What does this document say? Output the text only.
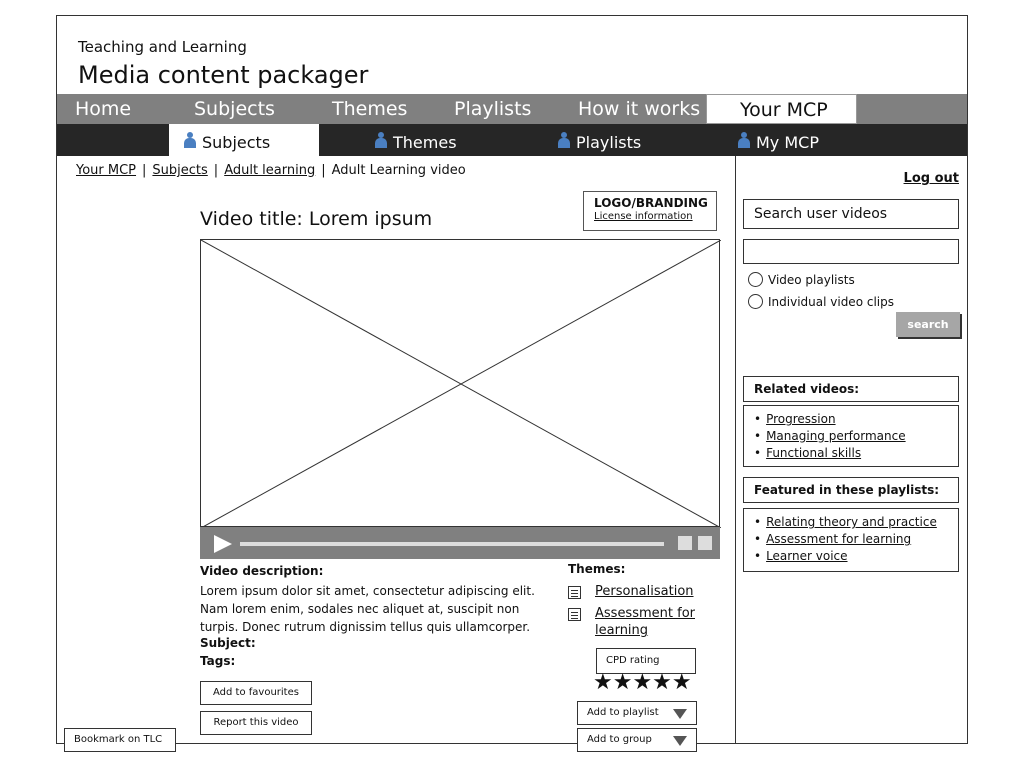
Teaching and Learning
Media content packager
Home	Subjects	Themes Playlists How it works	Your MCP
Subjects	Themes	Playlists	My MCP
Your MCP | Subjects | Adult learning | Adult Learning video
Log out
LOGO/BRANDING
License information
Video title: Lorem ipsum
Video description:
Lorem ipsum dolor sit amet, consectetur adipiscing elit. Nam lorem enim, sodales nec aliquet at, suscipit non turpis. Donec rutrum dignissim tellus quis ullamcorper.
Subject:
Tags:
Add to favourites
Report this video
Themes:
Personalisation
Assessment for learning
CPD rating
★★★★★
Add to playlist
Add to group
Bookmark on TLC
Search user videos
Video playlists
Individual video clips
search
Related videos:
• Progression
• Managing performance
• Functional skills
Featured in these playlists:
• Relating theory and practice
• Assessment for learning
• Learner voice
